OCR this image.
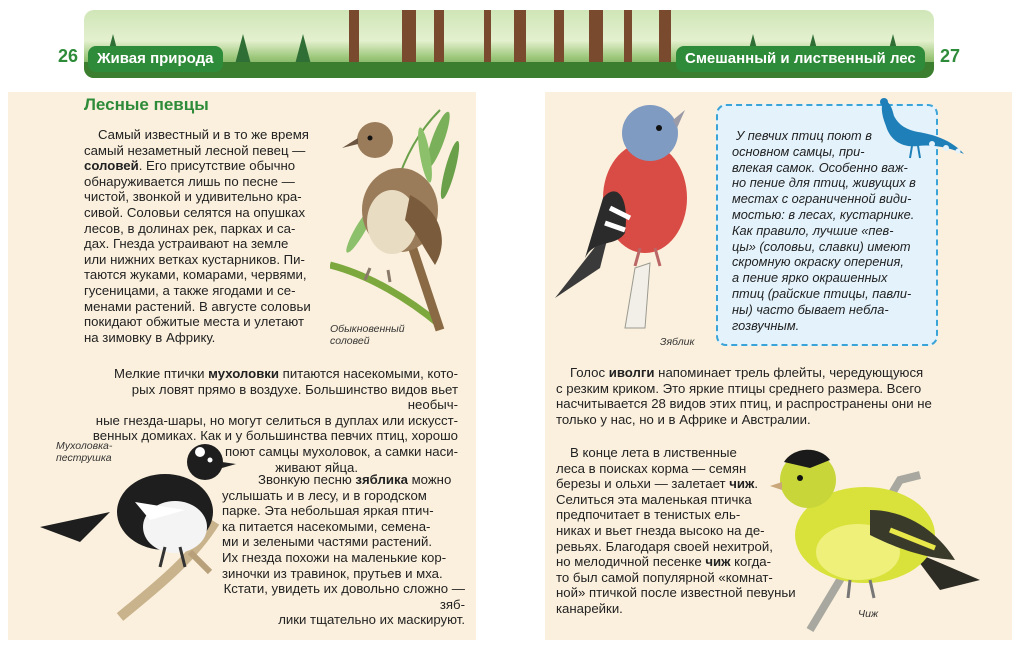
26	27
Живая природа	Смешанный и лиственный лес
Лесные певцы

Самый известный и в то же время

самый незаметный лесной певец —

соловей. Его присутствие обычно

обнаруживается лишь по песне —

чистой, звонкой и удивительно кра-

сивой. Соловьи селятся на опушках

лесов, в долинах рек, парках и са-

дах. Гнезда устраивают на земле

или нижних ветках кустарников. Пи-

таются жуками, комарами, червями,

гусеницами, а также ягодами и се-

менами растений. В августе соловьи

покидают обжитые места и улетают

на зимовку в Африку.

Обыкновенный
соловей

Мелкие птички мухоловки питаются насекомыми, кото-

рых ловят прямо в воздухе. Большинство видов вьет необыч-

ные гнезда-шары, но могут селиться в дуплах или искусст-

венных домиках. Как и у большинства певчих птиц, хорошо

поют самцы мухоловок, а самки наси-

живают яйца.

Мухоловка-
пеструшка

Звонкую песню зяблика можно

услышать и в лесу, и в городском

парке. Эта небольшая яркая птич-

ка питается насекомыми, семена-

ми и зелеными частями растений.

Их гнезда похожи на маленькие кор-

зиночки из травинок, прутьев и мха.

Кстати, увидеть их довольно сложно — зяб-

лики тщательно их маскируют.

Зяблик

У певчих птиц поют в

основном самцы, при-

влекая самок. Особенно важ-

но пение для птиц, живущих в

местах с ограниченной види-

мостью: в лесах, кустарнике.

Как правило, лучшие «пев-

цы» (соловьи, славки) имеют

скромную окраску оперения,

а пение ярко окрашенных

птиц (райские птицы, павли-

ны) часто бывает небла-

гозвучным.

Голос иволги напоминает трель флейты, чередующуюся

с резким криком. Это яркие птицы среднего размера. Всего

насчитывается 28 видов этих птиц, и распространены они не

только у нас, но и в Африке и Австралии.

В конце лета в лиственные

леса в поисках корма — семян

березы и ольхи — залетает чиж.

Селиться эта маленькая птичка

предпочитает в тенистых ель-

никах и вьет гнезда высоко на де-

ревьях. Благодаря своей нехитрой,

но мелодичной песенке чиж когда-

то был самой популярной «комнат-

ной» птичкой после известной певуньи

канарейки.	Чиж
